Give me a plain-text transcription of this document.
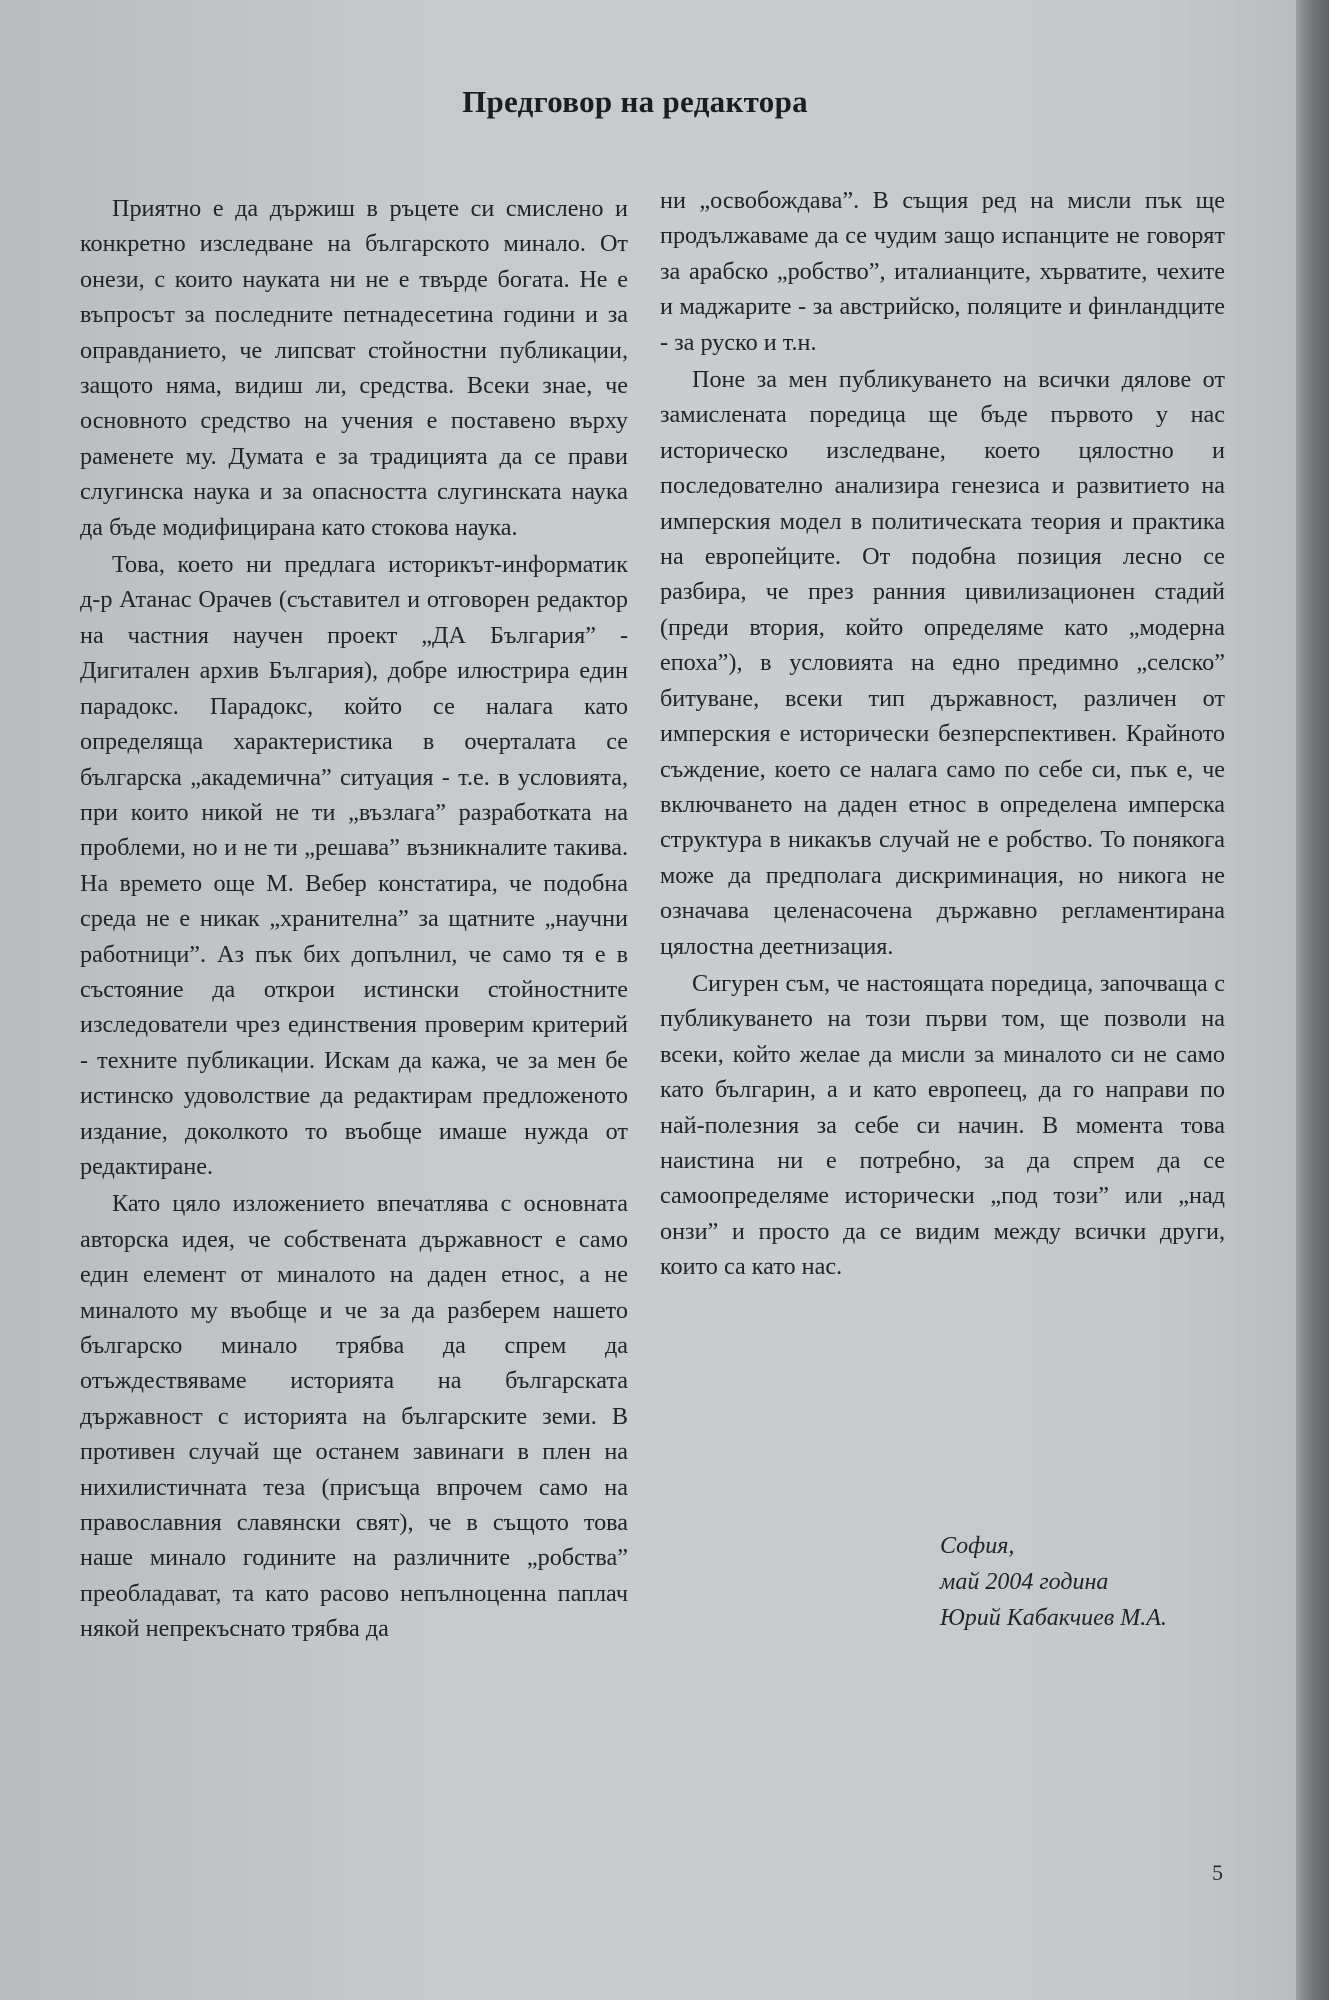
Предговор на редактора

Приятно е да държиш в ръцете си смислено и конкретно изследване на българското минало. От онези, с които науката ни не е твърде богата. Не е въпросът за последните петнадесетина години и за оправданието, че липсват стойностни публикации, защото няма, видиш ли, средства. Всеки знае, че основното средство на учения е поставено върху раменете му. Думата е за традицията да се прави слугинска наука и за опасността слугинската наука да бъде модифицирана като стокова наука.

Това, което ни предлага историкът-информатик д-р Атанас Орачев (съставител и отговорен редактор на частния научен проект „ДА България” - Дигитален архив България), добре илюстрира един парадокс. Парадокс, който се налага като определяща характеристика в очерталата се българска „академична” ситуация - т.е. в условията, при които никой не ти „възлага” разработката на проблеми, но и не ти „решава” възникналите такива. На времето още М. Вебер констатира, че подобна среда не е никак „хранителна” за щатните „научни работници”. Аз пък бих допълнил, че само тя е в състояние да открои истински стойностните изследователи чрез единствения проверим критерий - техните публикации. Искам да кажа, че за мен бе истинско удоволствие да редактирам предложеното издание, доколкото то въобще имаше нужда от редактиране.

Като цяло изложението впечатлява с основната авторска идея, че собствената държавност е само един елемент от миналото на даден етнос, а не миналото му въобще и че за да разберем нашето българско минало трябва да спрем да отъждествяваме историята на българската държавност с историята на българските земи. В противен случай ще останем завинаги в плен на нихилистичната теза (присъща впрочем само на православния славянски свят), че в същото това наше минало годините на различните „робства” преобладават, та като расово непълноценна паплач някой непрекъснато трябва да

ни „освобождава”. В същия ред на мисли пък ще продължаваме да се чудим защо испанците не говорят за арабско „робство”, италианците, хърватите, чехите и маджарите - за австрийско, поляците и финландците - за руско и т.н.

Поне за мен публикуването на всички дялове от замислената поредица ще бъде първото у нас историческо изследване, което цялостно и последователно анализира генезиса и развитието на имперския модел в политическата теория и практика на европейците. От подобна позиция лесно се разбира, че през ранния цивилизационен стадий (преди втория, който определяме като „модерна епоха”), в условията на едно предимно „селско” битуване, всеки тип държавност, различен от имперския е исторически безперспективен. Крайното съждение, което се налага само по себе си, пък е, че включването на даден етнос в определена имперска структура в никакъв случай не е робство. То понякога може да предполага дискриминация, но никога не означава целенасочена държавно регламентирана цялостна деетнизация.

Сигурен съм, че настоящата поредица, започваща с публикуването на този първи том, ще позволи на всеки, който желае да мисли за миналото си не само като българин, а и като европеец, да го направи по най-полезния за себе си начин. В момента това наистина ни е потребно, за да спрем да се самоопределяме исторически „под този” или „над онзи” и просто да се видим между всички други, които са като нас.

София,
май 2004 година
Юрий Кабакчиев М.А.
5
